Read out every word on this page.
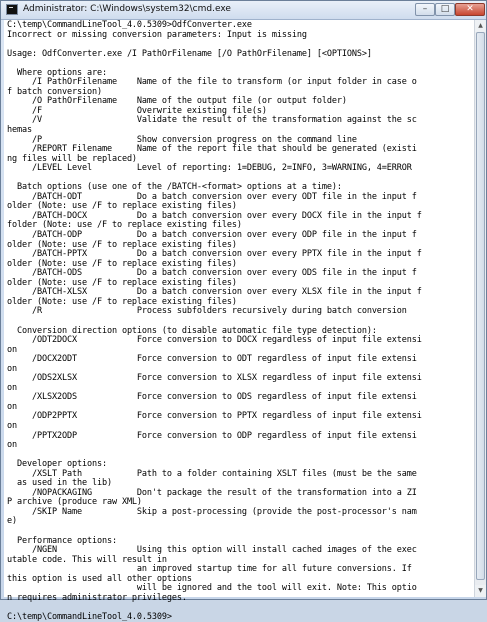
Administrator: C:\Windows\system32\cmd.exe	–	□	✕
C:\temp\CommandLineTool_4.0.5309>OdfConverter.exe
Incorrect or missing conversion parameters: Input is missing
Usage: OdfConverter.exe /I PathOrFilename [/O PathOrFilename] [<OPTIONS>]
Where options are:
/I PathOrFilename    Name of the file to transform (or input folder in case o
f batch conversion)
/O PathOrFilename    Name of the output file (or output folder)
/F                   Overwrite existing file(s)
/V                   Validate the result of the transformation against the sc
hemas
/P                   Show conversion progress on the command line
/REPORT Filename     Name of the report file that should be generated (existi
ng files will be replaced)
/LEVEL Level         Level of reporting: 1=DEBUG, 2=INFO, 3=WARNING, 4=ERROR
Batch options (use one of the /BATCH-<format> options at a time):
/BATCH-ODT           Do a batch conversion over every ODT file in the input f
older (Note: use /F to replace existing files)
/BATCH-DOCX          Do a batch conversion over every DOCX file in the input f
folder (Note: use /F to replace existing files)
/BATCH-ODP           Do a batch conversion over every ODP file in the input f
older (Note: use /F to replace existing files)
/BATCH-PPTX          Do a batch conversion over every PPTX file in the input f
older (Note: use /F to replace existing files)
/BATCH-ODS           Do a batch conversion over every ODS file in the input f
older (Note: use /F to replace existing files)
/BATCH-XLSX          Do a batch conversion over every XLSX file in the input f
older (Note: use /F to replace existing files)
/R                   Process subfolders recursively during batch conversion
Conversion direction options (to disable automatic file type detection):
/ODT2DOCX            Force conversion to DOCX regardless of input file extensi
on
/DOCX2ODT            Force conversion to ODT regardless of input file extensi
on
/ODS2XLSX            Force conversion to XLSX regardless of input file extensi
on
/XLSX2ODS            Force conversion to ODS regardless of input file extensi
on
/ODP2PPTX            Force conversion to PPTX regardless of input file extensi
on
/PPTX2ODP            Force conversion to ODP regardless of input file extensi
on
Developer options:
/XSLT Path           Path to a folder containing XSLT files (must be the same
as used in the lib)
/NOPACKAGING         Don't package the result of the transformation into a ZI
P archive (produce raw XML)
/SKIP Name           Skip a post-processing (provide the post-processor's nam
e)
Performance options:
/NGEN                Using this option will install cached images of the exec
utable code. This will result in
an improved startup time for all future conversions. If
this option is used all other options
will be ignored and the tool will exit. Note: This optio
n requires administrator privileges.
C:\temp\CommandLineTool_4.0.5309>
▲
▼
